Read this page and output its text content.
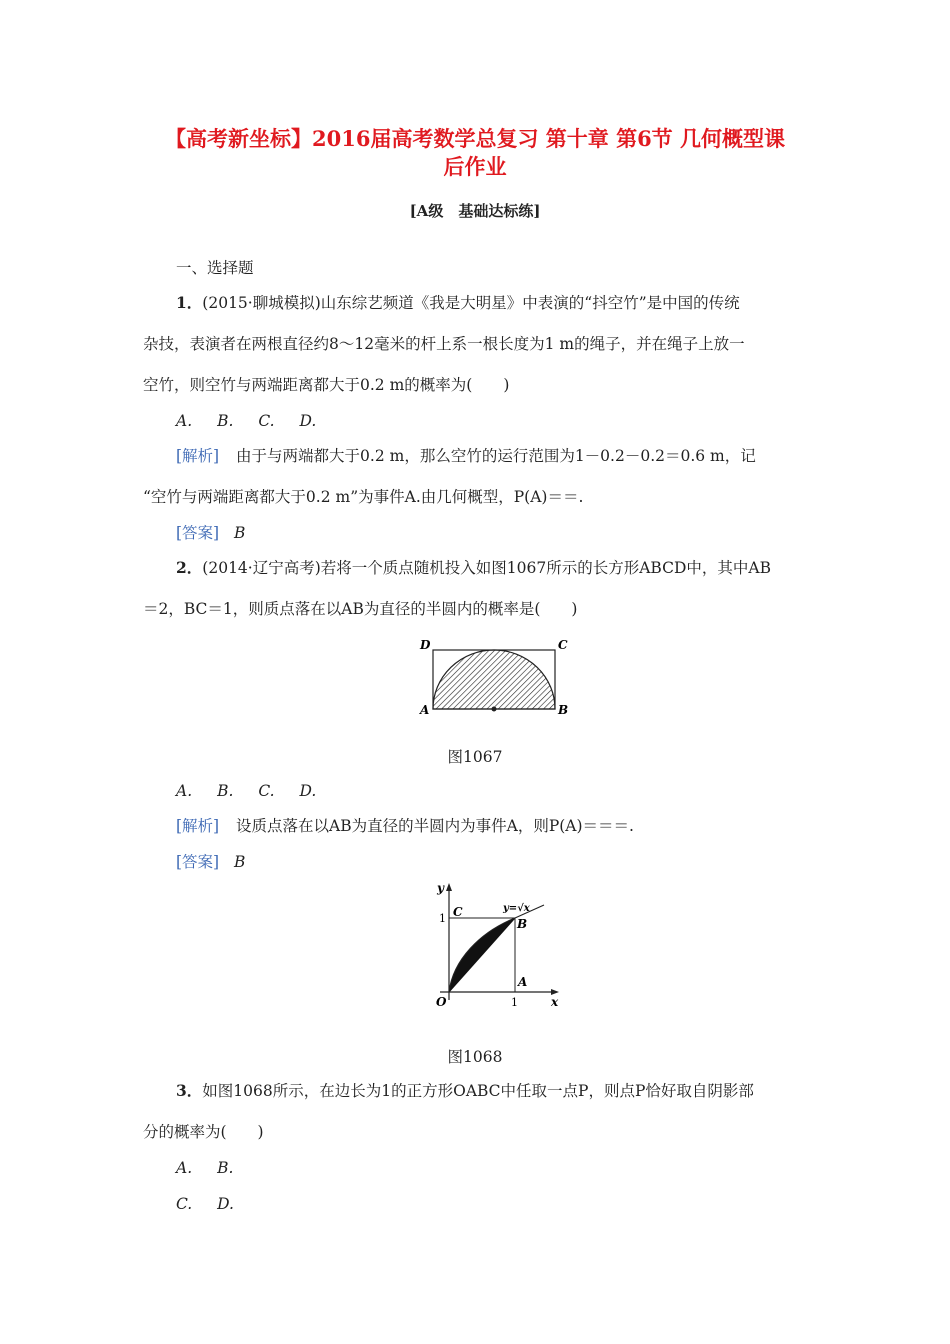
【高考新坐标】2016届高考数学总复习 第十章 第6节 几何概型课
后作业
[A级　基础达标练]
一、选择题
1．(2015·聊城模拟)山东综艺频道《我是大明星》中表演的“抖空竹”是中国的传统
杂技，表演者在两根直径约8～12毫米的杆上系一根长度为1 m的绳子，并在绳子上放一
空竹，则空竹与两端距离都大于0.2 m的概率为(　　)
A. B. C. D.
[解析] 由于与两端都大于0.2 m，那么空竹的运行范围为1－0.2－0.2＝0.6 m，记
“空竹与两端距离都大于0.2 m”为事件A.由几何概型，P(A)＝＝.
[答案] B
2．(2014·辽宁高考)若将一个质点随机投入如图1067所示的长方形ABCD中，其中AB
＝2，BC＝1，则质点落在以AB为直径的半圆内的概率是(　　)
D	C
A	B
图1067
A. B. C. D.
[解析] 设质点落在以AB为直径的半圆内为事件A，则P(A)＝＝＝.
[答案] B
y
x
1
1
C
B
A
O
y=√x
图1068
3．如图1068所示，在边长为1的正方形OABC中任取一点P，则点P恰好取自阴影部
分的概率为(　　)
A. B.
C. D.
